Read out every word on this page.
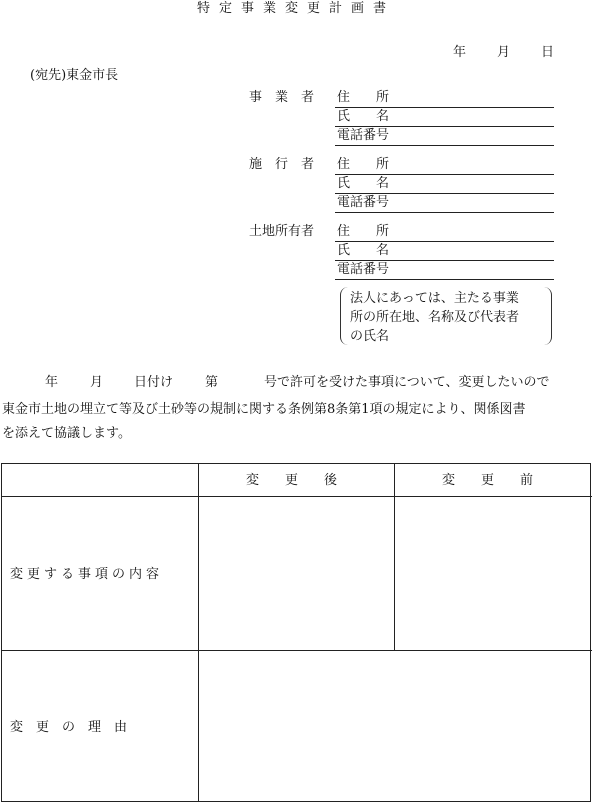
特定事業変更計画書
年 月 日
(宛先)東金市長
事　業　者 住　　所
氏　　名
電話番号
施　行　者 住　　所
氏　　名
電話番号
土地所有者 住　　所
氏　　名
電話番号
法人にあっては、主たる事業
所の所在地、名称及び代表者
の氏名
年 月 日付け 第	号で許可を受けた事項について、変更したいので
東金市土地の埋立て等及び土砂等の規制に関する条例第8条第1項の規定により、関係図書
を添えて協議します。
変　　更　　後	変　　更　　前
変更する事項の内容
変　更　の　理　由
